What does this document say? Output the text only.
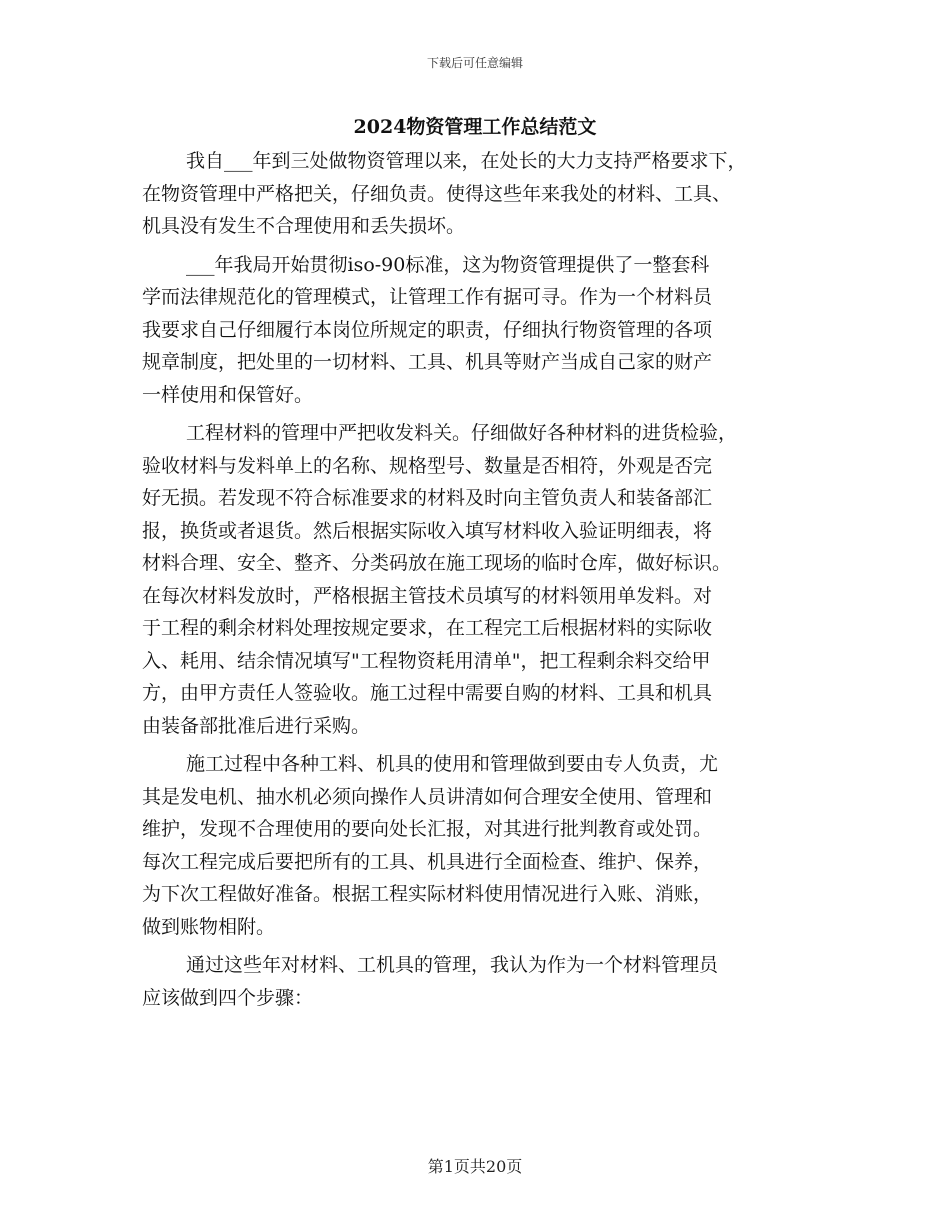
下载后可任意编辑
2024物资管理工作总结范文
我自___年到三处做物资管理以来，在处长的大力支持严格要求下，
在物资管理中严格把关，仔细负责。使得这些年来我处的材料、工具、
机具没有发生不合理使用和丢失损坏。
___年我局开始贯彻iso-90标准，这为物资管理提供了一整套科
学而法律规范化的管理模式，让管理工作有据可寻。作为一个材料员
我要求自己仔细履行本岗位所规定的职责，仔细执行物资管理的各项
规章制度，把处里的一切材料、工具、机具等财产当成自己家的财产
一样使用和保管好。
工程材料的管理中严把收发料关。仔细做好各种材料的进货检验，
验收材料与发料单上的名称、规格型号、数量是否相符，外观是否完
好无损。若发现不符合标准要求的材料及时向主管负责人和装备部汇
报，换货或者退货。然后根据实际收入填写材料收入验证明细表，将
材料合理、安全、整齐、分类码放在施工现场的临时仓库，做好标识。
在每次材料发放时，严格根据主管技术员填写的材料领用单发料。对
于工程的剩余材料处理按规定要求，在工程完工后根据材料的实际收
入、耗用、结余情况填写"工程物资耗用清单"，把工程剩余料交给甲
方，由甲方责任人签验收。施工过程中需要自购的材料、工具和机具
由装备部批准后进行采购。
施工过程中各种工料、机具的使用和管理做到要由专人负责，尤
其是发电机、抽水机必须向操作人员讲清如何合理安全使用、管理和
维护，发现不合理使用的要向处长汇报，对其进行批判教育或处罚。
每次工程完成后要把所有的工具、机具进行全面检查、维护、保养，
为下次工程做好准备。根据工程实际材料使用情况进行入账、消账，
做到账物相附。
通过这些年对材料、工机具的管理，我认为作为一个材料管理员
应该做到四个步骤：
第1页共20页
